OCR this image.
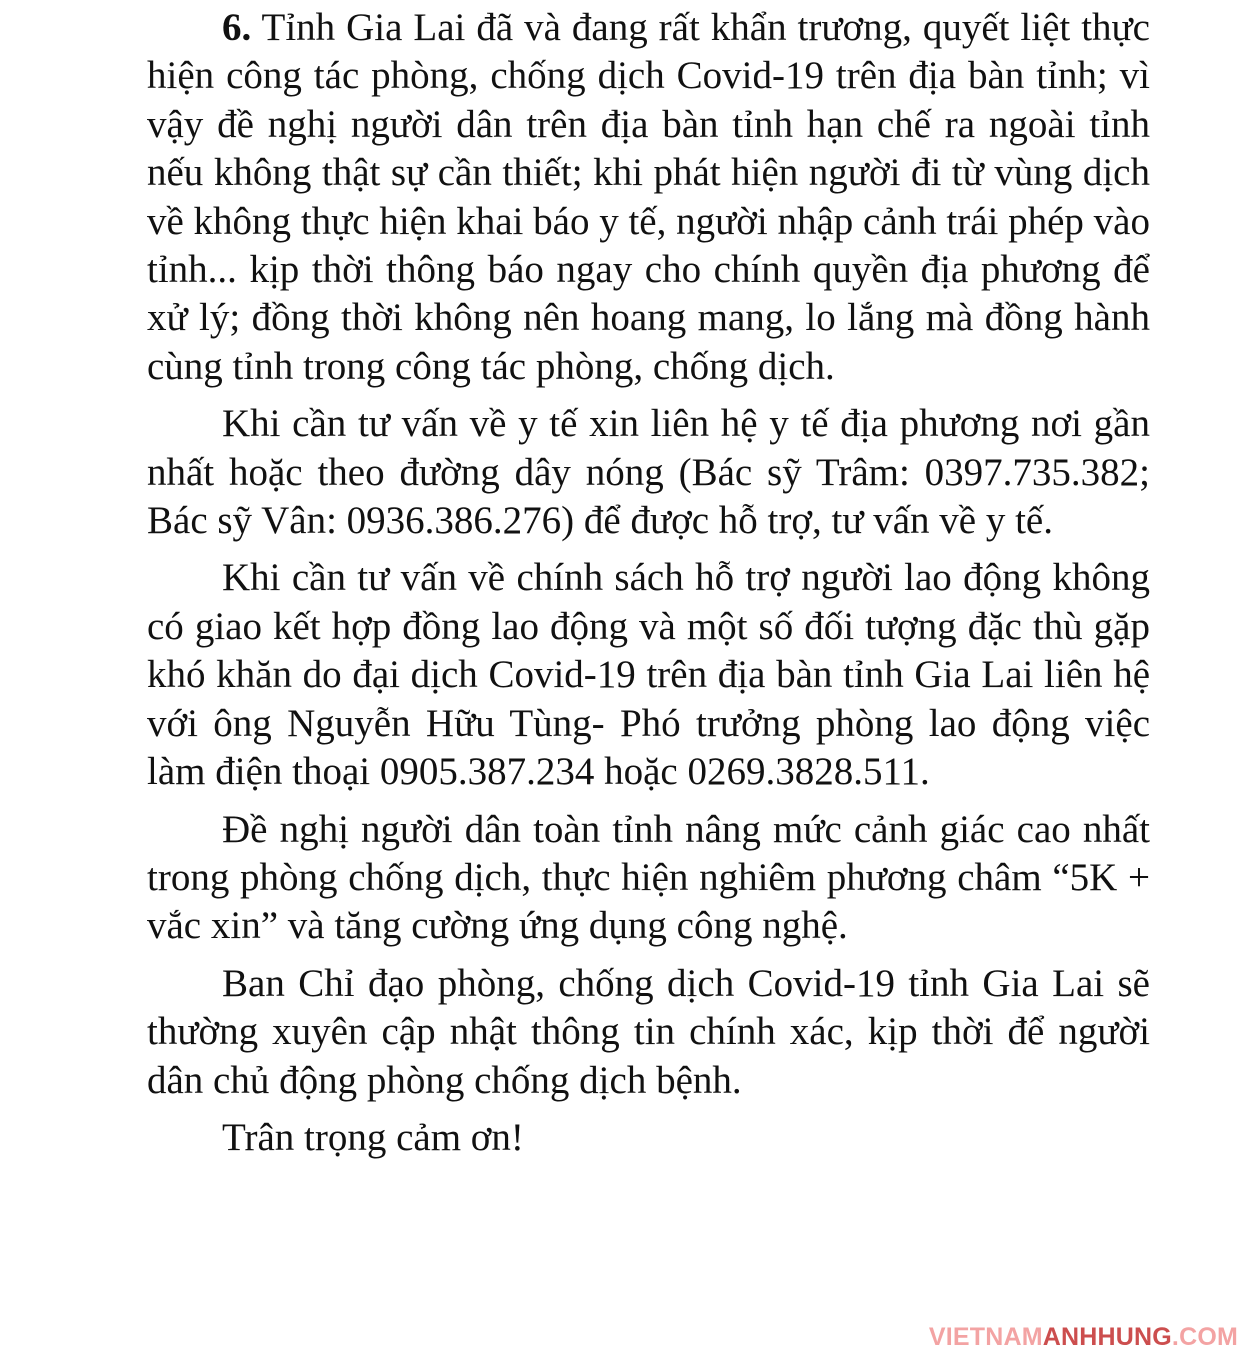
6. Tỉnh Gia Lai đã và đang rất khẩn trương, quyết liệt thực hiện công tác phòng, chống dịch Covid-19 trên địa bàn tỉnh; vì vậy đề nghị người dân trên địa bàn tỉnh hạn chế ra ngoài tỉnh nếu không thật sự cần thiết; khi phát hiện người đi từ vùng dịch về không thực hiện khai báo y tế, người nhập cảnh trái phép vào tỉnh... kịp thời thông báo ngay cho chính quyền địa phương để xử lý; đồng thời không nên hoang mang, lo lắng mà đồng hành cùng tỉnh trong công tác phòng, chống dịch.

Khi cần tư vấn về y tế xin liên hệ y tế địa phương nơi gần nhất hoặc theo đường dây nóng (Bác sỹ Trâm: 0397.735.382; Bác sỹ Vân: 0936.386.276) để được hỗ trợ, tư vấn về y tế.

Khi cần tư vấn về chính sách hỗ trợ người lao động không có giao kết hợp đồng lao động và một số đối tượng đặc thù gặp khó khăn do đại dịch Covid-19 trên địa bàn tỉnh Gia Lai liên hệ với ông Nguyễn Hữu Tùng- Phó trưởng phòng lao động việc làm điện thoại 0905.387.234 hoặc 0269.3828.511.

Đề nghị người dân toàn tỉnh nâng mức cảnh giác cao nhất trong phòng chống dịch, thực hiện nghiêm phương châm “5K + vắc xin” và tăng cường ứng dụng công nghệ.

Ban Chỉ đạo phòng, chống dịch Covid-19 tỉnh Gia Lai sẽ thường xuyên cập nhật thông tin chính xác, kịp thời để người dân chủ động phòng chống dịch bệnh.

Trân trọng cảm ơn!

VIETNAMANHHUNG.COM
